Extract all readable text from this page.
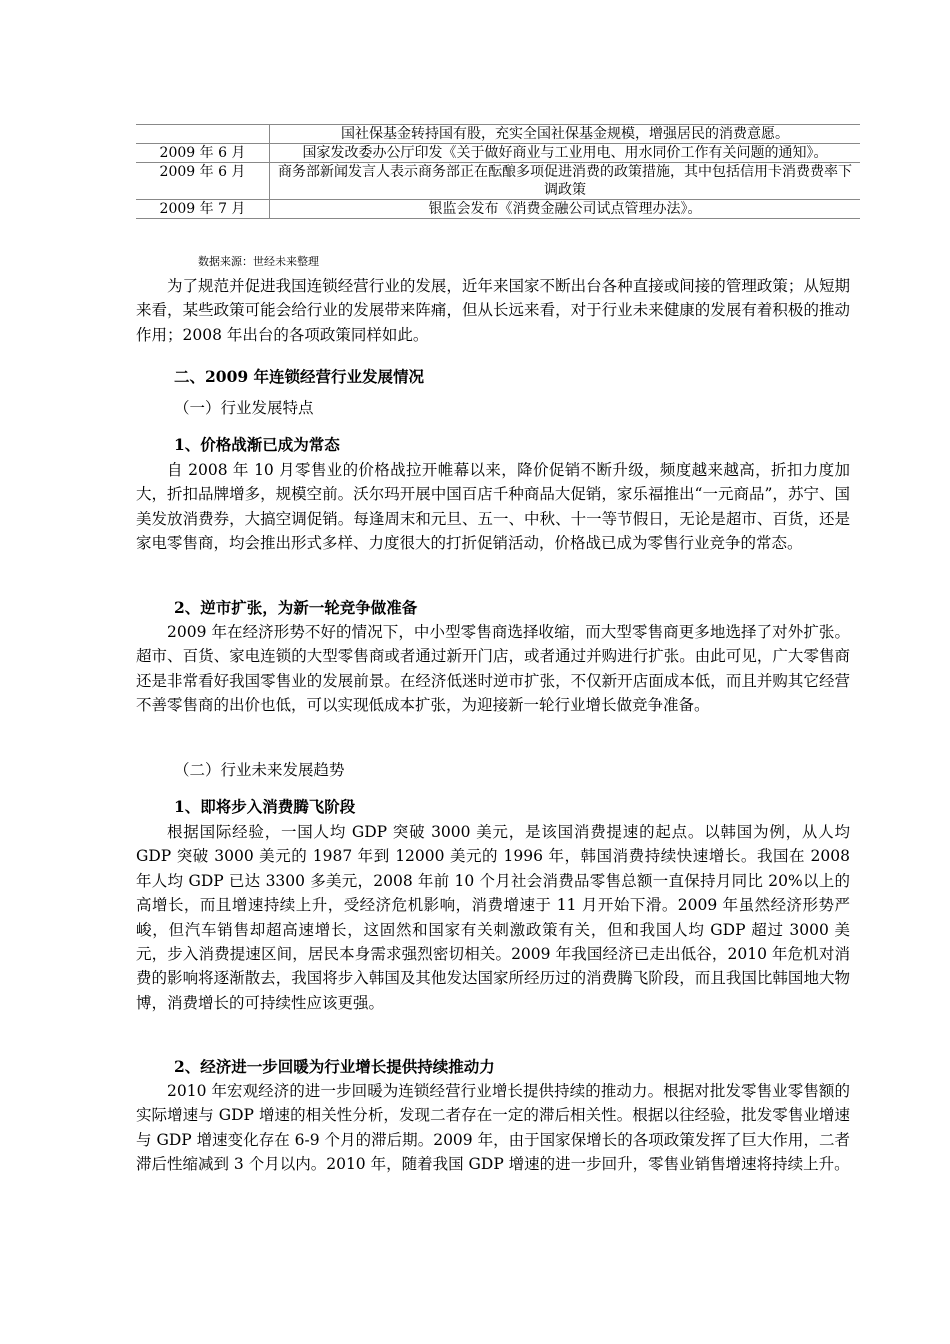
	国社保基金转持国有股，充实全国社保基金规模，增强居民的消费意愿。
2009 年 6 月	国家发改委办公厅印发《关于做好商业与工业用电、用水同价工作有关问题的通知》。
2009 年 6 月	商务部新闻发言人表示商务部正在酝酿多项促进消费的政策措施，其中包括信用卡消费费率下调政策
2009 年 7 月	银监会发布《消费金融公司试点管理办法》。
数据来源：世经未来整理

为了规范并促进我国连锁经营行业的发展，近年来国家不断出台各种直接或间接的管理政策；从短期来看，某些政策可能会给行业的发展带来阵痛，但从长远来看，对于行业未来健康的发展有着积极的推动作用；2008 年出台的各项政策同样如此。

二、2009 年连锁经营行业发展情况
（一）行业发展特点
1、价格战渐已成为常态

自 2008 年 10 月零售业的价格战拉开帷幕以来，降价促销不断升级，频度越来越高，折扣力度加大，折扣品牌增多，规模空前。沃尔玛开展中国百店千种商品大促销，家乐福推出“一元商品”，苏宁、国美发放消费券，大搞空调促销。每逢周末和元旦、五一、中秋、十一等节假日，无论是超市、百货，还是家电零售商，均会推出形式多样、力度很大的打折促销活动，价格战已成为零售行业竞争的常态。

2、逆市扩张，为新一轮竞争做准备

2009 年在经济形势不好的情况下，中小型零售商选择收缩，而大型零售商更多地选择了对外扩张。超市、百货、家电连锁的大型零售商或者通过新开门店，或者通过并购进行扩张。由此可见，广大零售商还是非常看好我国零售业的发展前景。在经济低迷时逆市扩张，不仅新开店面成本低，而且并购其它经营不善零售商的出价也低，可以实现低成本扩张，为迎接新一轮行业增长做竞争准备。

（二）行业未来发展趋势
1、即将步入消费腾飞阶段

根据国际经验，一国人均 GDP 突破 3000 美元，是该国消费提速的起点。以韩国为例，从人均 GDP 突破 3000 美元的 1987 年到 12000 美元的 1996 年，韩国消费持续快速增长。我国在 2008 年人均 GDP 已达 3300 多美元，2008 年前 10 个月社会消费品零售总额一直保持月同比 20%以上的高增长，而且增速持续上升，受经济危机影响，消费增速于 11 月开始下滑。2009 年虽然经济形势严峻，但汽车销售却超高速增长，这固然和国家有关刺激政策有关，但和我国人均 GDP 超过 3000 美元，步入消费提速区间，居民本身需求强烈密切相关。2009 年我国经济已走出低谷，2010 年危机对消费的影响将逐渐散去，我国将步入韩国及其他发达国家所经历过的消费腾飞阶段，而且我国比韩国地大物博，消费增长的可持续性应该更强。

2、经济进一步回暖为行业增长提供持续推动力

2010 年宏观经济的进一步回暖为连锁经营行业增长提供持续的推动力。根据对批发零售业零售额的实际增速与 GDP 增速的相关性分析，发现二者存在一定的滞后相关性。根据以往经验，批发零售业增速与 GDP 增速变化存在 6-9 个月的滞后期。2009 年，由于国家保增长的各项政策发挥了巨大作用，二者滞后性缩减到 3 个月以内。2010 年，随着我国 GDP 增速的进一步回升，零售业销售增速将持续上升。
